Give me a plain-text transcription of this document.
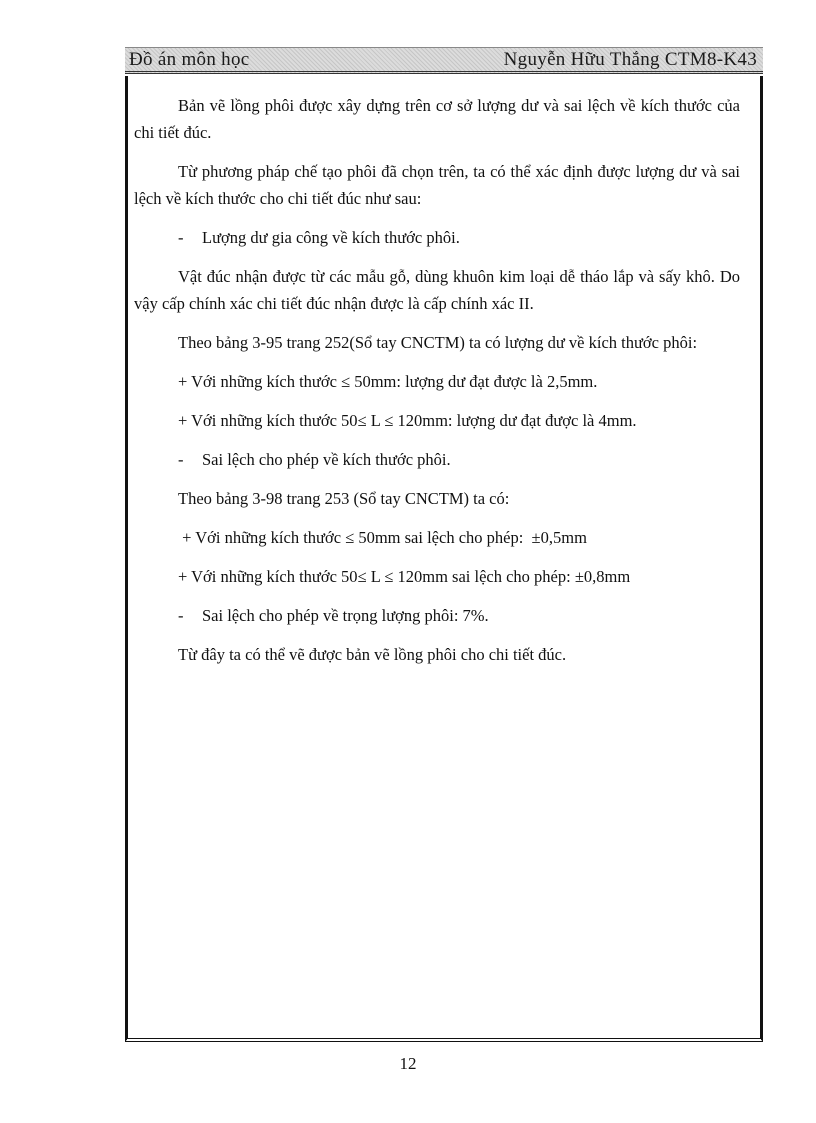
Đồ án môn học	Nguyễn Hữu Thắng CTM8-K43

Bản vẽ lồng phôi được xây dựng trên cơ sở lượng dư và sai lệch về kích thước của chi tiết đúc.

Từ phương pháp chế tạo phôi đã chọn trên, ta có thể xác định được lượng dư và sai lệch về kích thước cho chi tiết đúc như sau:

- Lượng dư gia công về kích thước phôi.

Vật đúc nhận được từ các mẫu gỗ, dùng khuôn kim loại dễ tháo lắp và sấy khô. Do vậy cấp chính xác chi tiết đúc nhận được là cấp chính xác II.

Theo bảng 3-95 trang 252(Sổ tay CNCTM) ta có lượng dư về kích thước phôi:

+ Với những kích thước ≤ 50mm: lượng dư đạt được là 2,5mm.

+ Với những kích thước 50≤ L ≤ 120mm: lượng dư đạt được là 4mm.

- Sai lệch cho phép về kích thước phôi.

Theo bảng 3-98 trang 253 (Sổ tay CNCTM) ta có:

+ Với những kích thước ≤ 50mm sai lệch cho phép:  ±0,5mm

+ Với những kích thước 50≤ L ≤ 120mm sai lệch cho phép: ±0,8mm

- Sai lệch cho phép về trọng lượng phôi: 7%.

Từ đây ta có thể vẽ được bản vẽ lồng phôi cho chi tiết đúc.

12
